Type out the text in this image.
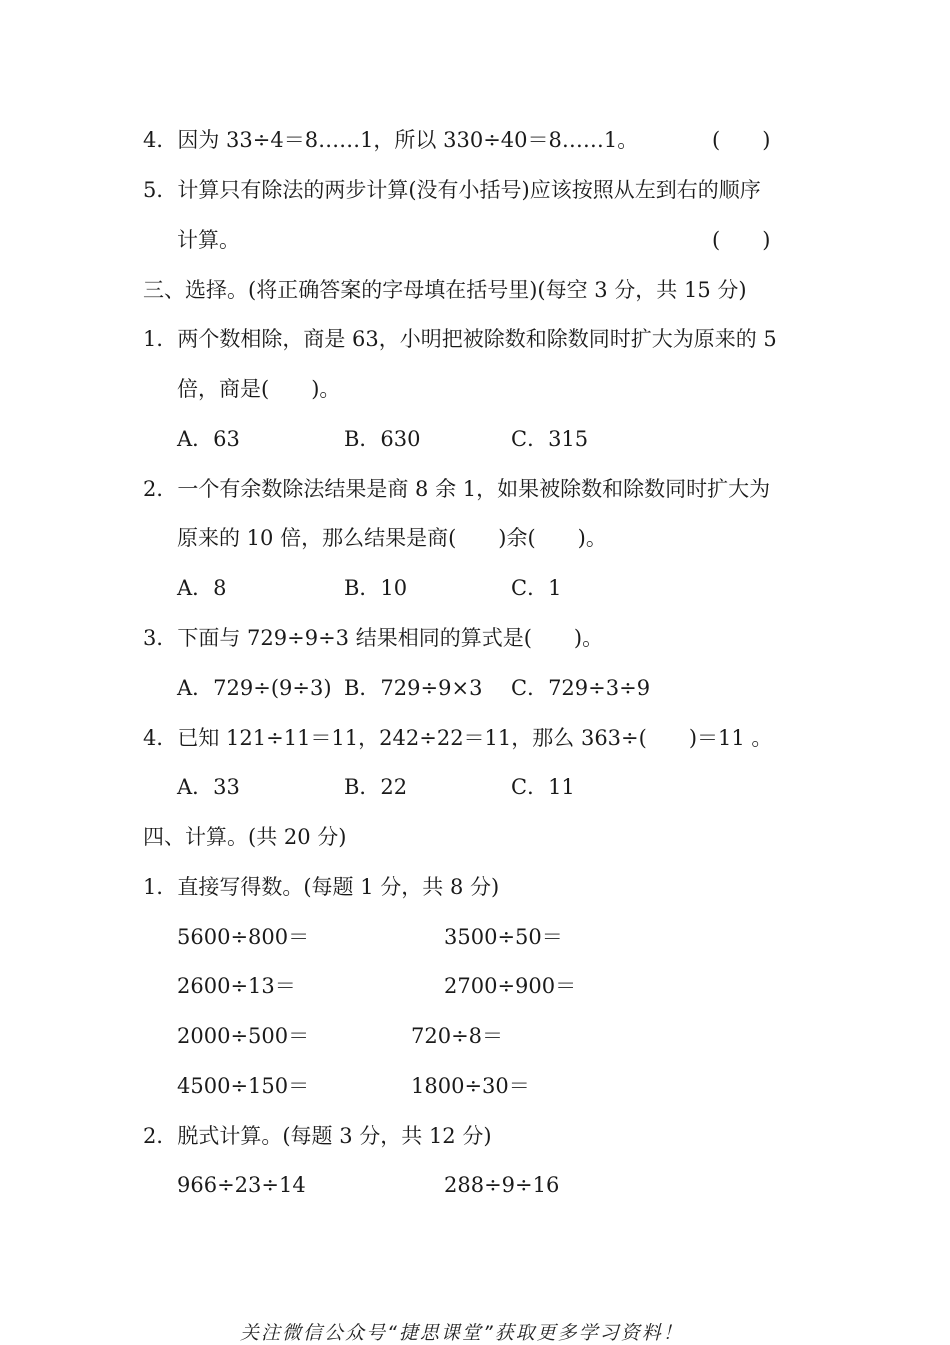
4．因为 33÷4＝8……1，所以 330÷40＝8……1。	(　　)
5．计算只有除法的两步计算(没有小括号)应该按照从左到右的顺序
计算。	(　　)
三、选择。(将正确答案的字母填在括号里)(每空 3 分，共 15 分)
1．两个数相除，商是 63，小明把被除数和除数同时扩大为原来的 5
倍，商是(　　)。
A．63	B．630	C．315
2．一个有余数除法结果是商 8 余 1，如果被除数和除数同时扩大为
原来的 10 倍，那么结果是商(　　)余(　　)。
A．8	B．10	C．1
3．下面与 729÷9÷3 结果相同的算式是(　　)。
A．729÷(9÷3) B．729÷9×3 C．729÷3÷9
4．已知 121÷11＝11，242÷22＝11，那么 363÷(　　)＝11 。
A．33	B．22	C．11
四、计算。(共 20 分)
1．直接写得数。(每题 1 分，共 8 分)
5600÷800＝	3500÷50＝
2600÷13＝	2700÷900＝
2000÷500＝	720÷8＝
4500÷150＝	1800÷30＝
2．脱式计算。(每题 3 分，共 12 分)
966÷23÷14	288÷9÷16
关注微信公众号“捷思课堂”获取更多学习资料！
